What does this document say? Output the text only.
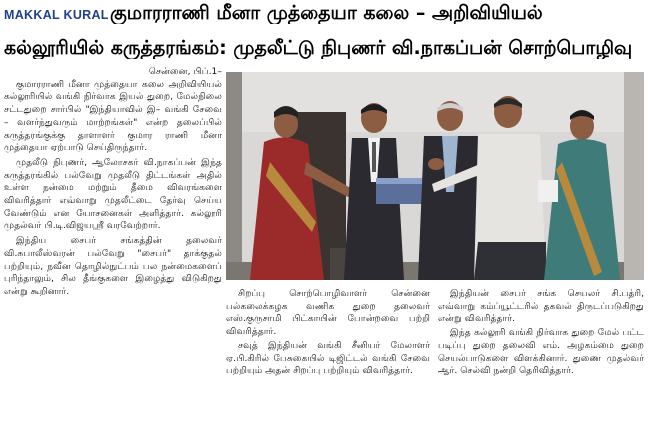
MAKKAL KURAL குமாரராணி மீனா முத்தையா கலை – அறிவியியல்
கல்லூரியில் கருத்தரங்கம்: முதலீட்டு நிபுணர் வி.நாகப்பன் சொற்பொழிவு

சென்னை, பிப்.1–

குமாரராணி மீனா முத்தையா கலை அறிவியியல் கல்லூரியில் வங்கி நிர்வாக இயல் துறை, மேல்நிலை சட்டதுறை சார்பில் "இந்தியாவில் இ– வங்கி சேவை – வளர்ந்துவரும் மாற்றங்கள்" என்ற தலைப்பில் கருத்தரங்குக்கு தாளாளர் குமார ராணி மீனா முத்தையா ஏற்பாடு செய்திருந்தார்.

முதலீடு நிபுணர், ஆலோசகர் வி.நாகப்பன் இந்த கருத்தரங்கில் பல்வேறு முதலீடு திட்டங்கள் அதில் உள்ள நன்மை மற்றும் தீமை விவரங்களை விவரித்தார் எவ்வாறு முதலீட்டை தேர்வு செய்ய வேண்டும் என யோசனைகள் அளித்தார். கல்லூரி முதல்வர் பி.டி.விஜயஸ்ரீ வரவேற்றார்.

இந்திய சைபர் சங்கத்தின் தலைவர் வி.சுபாலீஸ்வரன் பல்வேறு "சைபர்" தாக்குதல் பற்றியும், நவீன தொழில்நுட்பம் பல நன்மைகளைப் புரிந்தாலும், சில தீங்குகளை இழைத்து விடுகிறது என்று கூறினார்.	சிறப்பு சொற்பொழிவாளர் சென்னை பல்கலைக்கழக வணிக துறை தலைவர் எஸ்.குருசாமி பிட்காயின் போன்றவை பற்றி விவரித்தார்.

சவுத் இந்தியன் வங்கி சீனியர் மேலாளர் ஏ.பி.கிரில் பேசுகையில் டிஜிட்டல் வங்கி சேவை பற்றியும் அதன் சிறப்பு பற்றியும் விவரித்தார்.

இந்தியன் சைபர் சங்க செயலர் சி.பத்ரி, எவ்வாறு கம்ப்யூட்டரில் தகவல் திருடப்படுகிறது என்று விவரித்தார்.

இந்த கல்லூரி வங்கி நிர்வாக துறை மேல் பட்ட படிப்பு துறை தலைவி எம். அழகம்மை துறை செயல்பாடுகளை விளக்கினார். துணை முதல்வர் ஆர். செல்வி நன்றி தெரிவித்தார்.
